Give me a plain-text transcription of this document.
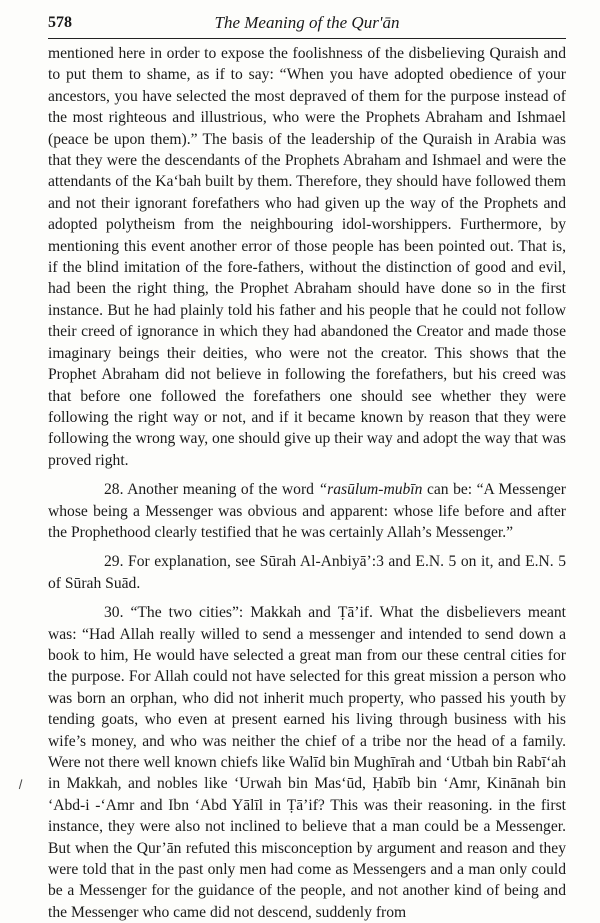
578	The Meaning of the Qur'ān

mentioned here in order to expose the foolishness of the disbelieving Quraish and to put them to shame, as if to say: “When you have adopted obedience of your ancestors, you have selected the most depraved of them for the purpose instead of the most righteous and illustrious, who were the Prophets Abraham and Ishmael (peace be upon them).” The basis of the leadership of the Quraish in Arabia was that they were the descendants of the Prophets Abraham and Ishmael and were the attendants of the Ka‘bah built by them. Therefore, they should have followed them and not their ignorant forefathers who had given up the way of the Prophets and adopted polytheism from the neighbouring idol-worshippers. Furthermore, by mentioning this event another error of those people has been pointed out. That is, if the blind imitation of the fore-fathers, without the distinction of good and evil, had been the right thing, the Prophet Abraham should have done so in the first instance. But he had plainly told his father and his people that he could not follow their creed of ignorance in which they had abandoned the Creator and made those imaginary beings their deities, who were not the creator. This shows that the Prophet Abraham did not believe in following the forefathers, but his creed was that before one followed the forefathers one should see whether they were following the right way or not, and if it became known by reason that they were following the wrong way, one should give up their way and adopt the way that was proved right.

28. Another meaning of the word “rasūlum-mubīn can be: “A Messenger whose being a Messenger was obvious and apparent: whose life before and after the Prophethood clearly testified that he was certainly Allah’s Messenger.”

29. For explanation, see Sūrah Al-Anbiyā’:3 and E.N. 5 on it, and E.N. 5 of Sūrah Suād.

30. “The two cities”: Makkah and Ṭā’if. What the disbelievers meant was: “Had Allah really willed to send a messenger and intended to send down a book to him, He would have selected a great man from our these central cities for the purpose. For Allah could not have selected for this great mission a person who was born an orphan, who did not inherit much property, who passed his youth by tending goats, who even at present earned his living through business with his wife’s money, and who was neither the chief of a tribe nor the head of a family. Were not there well known chiefs like Walīd bin Mughīrah and ‘Utbah bin Rabī‘ah in Makkah, and nobles like ‘Urwah bin Mas‘ūd, Ḥabīb bin ‘Amr, Kinānah bin ‘Abd-i -‘Amr and Ibn ‘Abd Yālīl in Ṭā’if? This was their reasoning. in the first instance, they were also not inclined to believe that a man could be a Messenger. But when the Qur’ān refuted this misconception by argument and reason and they were told that in the past only men had come as Messengers and a man only could be a Messenger for the guidance of the people, and not another kind of being and the Messenger who came did not descend, suddenly from
